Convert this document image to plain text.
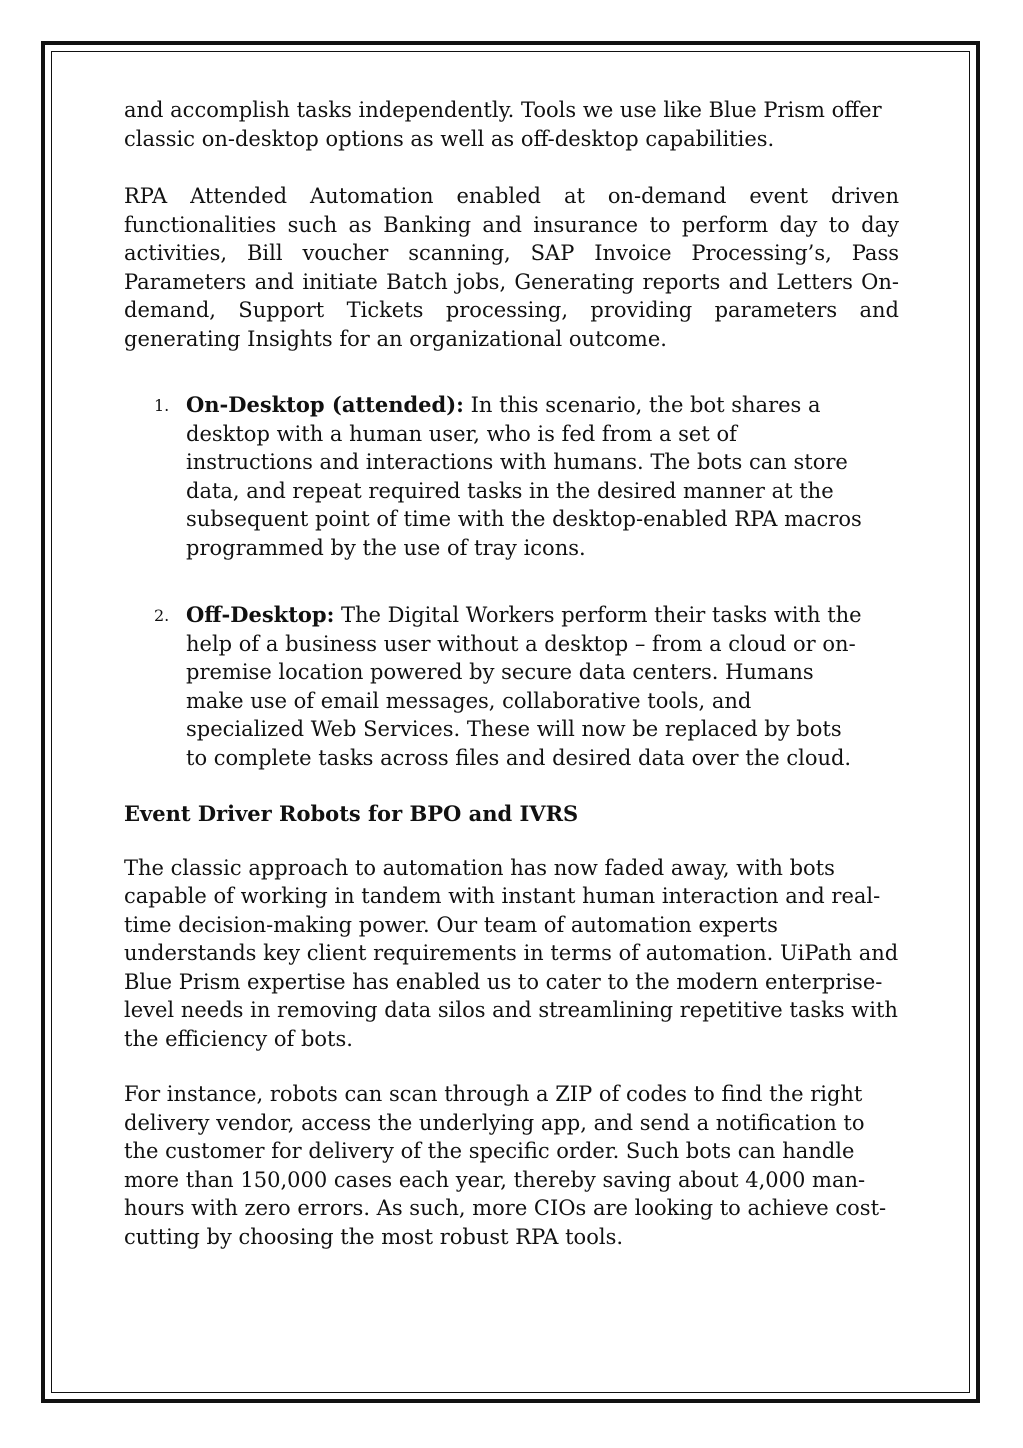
and accomplish tasks independently. Tools we use like Blue Prism offer classic on-desktop options as well as off-desktop capabilities.

RPA Attended Automation enabled at on-demand event driven functionalities such as Banking and insurance to perform day to day activities, Bill voucher scanning, SAP Invoice Processing’s, Pass Parameters and initiate Batch jobs, Generating reports and Letters On-demand, Support Tickets processing, providing parameters and generating Insights for an organizational outcome.

1. On-Desktop (attended): In this scenario, the bot shares a desktop with a human user, who is fed from a set of instructions and interactions with humans. The bots can store data, and repeat required tasks in the desired manner at the subsequent point of time with the desktop-enabled RPA macros programmed by the use of tray icons.
2. Off-Desktop: The Digital Workers perform their tasks with the help of a business user without a desktop – from a cloud or on-premise location powered by secure data centers. Humans make use of email messages, collaborative tools, and specialized Web Services. These will now be replaced by bots to complete tasks across files and desired data over the cloud.
Event Driver Robots for BPO and IVRS

The classic approach to automation has now faded away, with bots capable of working in tandem with instant human interaction and real-time decision-making power. Our team of automation experts understands key client requirements in terms of automation. UiPath and Blue Prism expertise has enabled us to cater to the modern enterprise-level needs in removing data silos and streamlining repetitive tasks with the efficiency of bots.

For instance, robots can scan through a ZIP of codes to find the right delivery vendor, access the underlying app, and send a notification to the customer for delivery of the specific order. Such bots can handle more than 150,000 cases each year, thereby saving about 4,000 man-hours with zero errors. As such, more CIOs are looking to achieve cost-cutting by choosing the most robust RPA tools.
